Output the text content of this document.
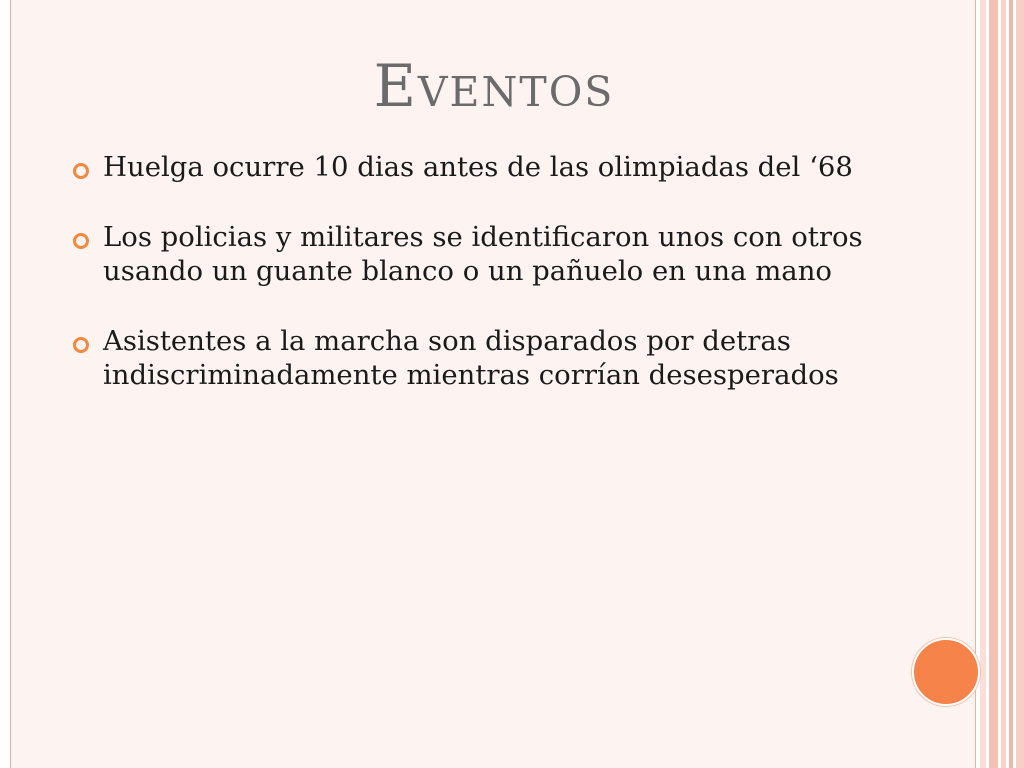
Eventos
Huelga ocurre 10 dias antes de las olimpiadas del ‘68
Los policias y militares se identificaron unos con otros usando un guante blanco o un pañuelo en una mano
Asistentes a la marcha son disparados por detras indiscriminadamente mientras corrían desesperados
